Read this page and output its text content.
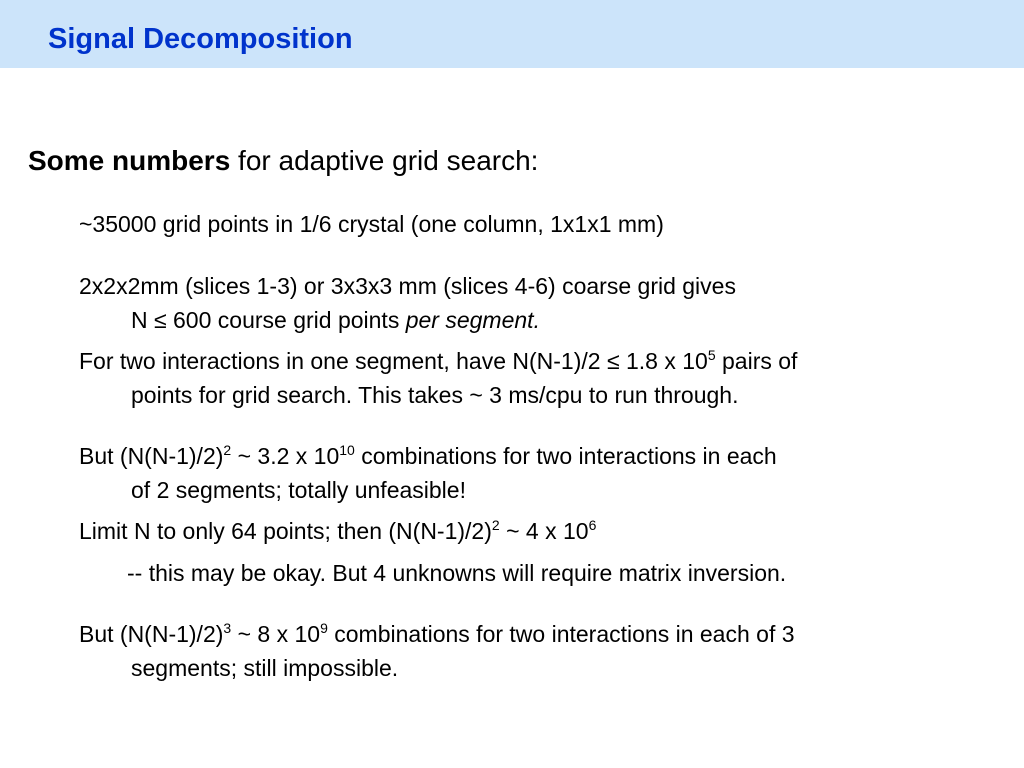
Signal Decomposition
Some numbers for adaptive grid search:
~35000 grid points in 1/6 crystal (one column, 1x1x1 mm)
2x2x2mm (slices 1-3) or 3x3x3 mm (slices 4-6) coarse grid gives
N ≤ 600 course grid points per segment.
For two interactions in one segment, have N(N-1)/2 ≤ 1.8 x $10^5$ pairs of
points for grid search. This takes ~ 3 ms/cpu to run through.
But $(N(N-1)/2)^2$ ~ 3.2 x $10^{10}$ combinations for two interactions in each
of 2 segments; totally unfeasible!
Limit N to only 64 points; then $(N(N-1)/2)^2$ ~ 4 x $10^6$
-- this may be okay. But 4 unknowns will require matrix inversion.
But $(N(N-1)/2)^3$ ~ 8 x $10^9$ combinations for two interactions in each of 3
segments; still impossible.
